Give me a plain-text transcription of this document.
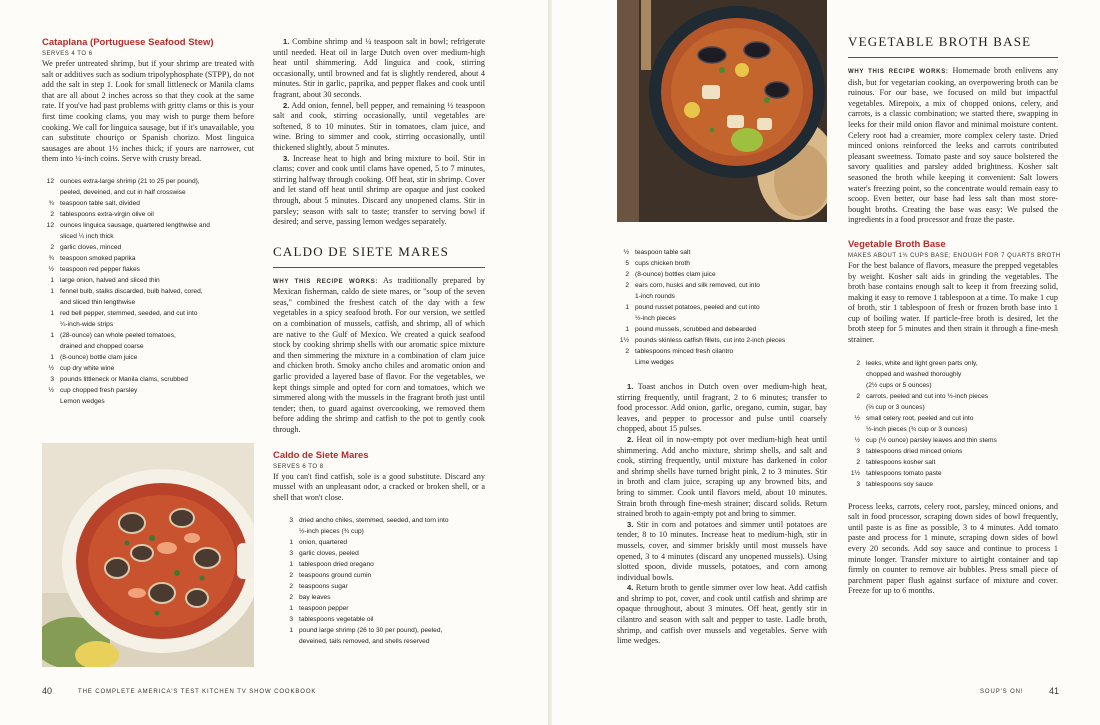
Cataplana (Portuguese Seafood Stew)
SERVES 4 TO 6

We prefer untreated shrimp, but if your shrimp are treated with salt or additives such as sodium tripolyphosphate (STPP), do not add the salt in step 1. Look for small littleneck or Manila clams that are all about 2 inches across so that they cook at the same rate. If you've had past problems with gritty clams or this is your first time cooking clams, you may wish to purge them before cooking. We call for linguica sausage, but if it's unavailable, you can substitute chouriço or Spanish chorizo. Most linguica sausages are about 1½ inches thick; if yours are narrower, cut them into ¼-inch coins. Serve with crusty bread.

12 ounces extra-large shrimp (21 to 25 per pound),
peeled, deveined, and cut in half crosswise
¾ teaspoon table salt, divided
2 tablespoons extra-virgin olive oil
12 ounces linguica sausage, quartered lengthwise and
sliced ¼ inch thick
2 garlic cloves, minced
¾ teaspoon smoked paprika
½ teaspoon red pepper flakes
1 large onion, halved and sliced thin
1 fennel bulb, stalks discarded, bulb halved, cored,
and sliced thin lengthwise
1 red bell pepper, stemmed, seeded, and cut into
¼-inch-wide strips
1 (28-ounce) can whole peeled tomatoes,
drained and chopped coarse
1 (8-ounce) bottle clam juice
½ cup dry white wine
3 pounds littleneck or Manila clams, scrubbed
½ cup chopped fresh parsley
Lemon wedges

1. Combine shrimp and ¼ teaspoon salt in bowl; refrigerate until needed. Heat oil in large Dutch oven over medium-high heat until shimmering. Add linguica and cook, stirring occasionally, until browned and fat is slightly rendered, about 4 minutes. Stir in garlic, paprika, and pepper flakes and cook until fragrant, about 30 seconds.

2. Add onion, fennel, bell pepper, and remaining ½ teaspoon salt and cook, stirring occasionally, until vegetables are softened, 8 to 10 minutes. Stir in tomatoes, clam juice, and wine. Bring to simmer and cook, stirring occasionally, until thickened slightly, about 5 minutes.

3. Increase heat to high and bring mixture to boil. Stir in clams; cover and cook until clams have opened, 5 to 7 minutes, stirring halfway through cooking. Off heat, stir in shrimp. Cover and let stand off heat until shrimp are opaque and just cooked through, about 5 minutes. Discard any unopened clams. Stir in parsley; season with salt to taste; transfer to serving bowl if desired; and serve, passing lemon wedges separately.

CALDO DE SIETE MARES

WHY THIS RECIPE WORKS: As traditionally prepared by Mexican fisherman, caldo de siete mares, or "soup of the seven seas," combined the freshest catch of the day with a few vegetables in a spicy seafood broth. For our version, we settled on a combination of mussels, catfish, and shrimp, all of which are native to the Gulf of Mexico. We created a quick seafood stock by cooking shrimp shells with our aromatic spice mixture and then simmering the mixture in a combination of clam juice and chicken broth. Smoky ancho chiles and aromatic onion and garlic provided a layered base of flavor. For the vegetables, we kept things simple and opted for corn and tomatoes, which we simmered along with the mussels in the fragrant broth just until tender; then, to guard against overcooking, we removed them before adding the shrimp and catfish to the pot to gently cook through.

Caldo de Siete Mares
SERVES 6 TO 8

If you can't find catfish, sole is a good substitute. Discard any mussel with an unpleasant odor, a cracked or broken shell, or a shell that won't close.

3 dried ancho chiles, stemmed, seeded, and torn into
½-inch pieces (¾ cup)
1 onion, quartered
3 garlic cloves, peeled
1 tablespoon dried oregano
2 teaspoons ground cumin
2 teaspoons sugar
2 bay leaves
1 teaspoon pepper
3 tablespoons vegetable oil
1 pound large shrimp (26 to 30 per pound), peeled,
deveined, tails removed, and shells reserved
40	THE COMPLETE AMERICA'S TEST KITCHEN TV SHOW COOKBOOK
½ teaspoon table salt
5 cups chicken broth
2 (8-ounce) bottles clam juice
2 ears corn, husks and silk removed, cut into
1-inch rounds
1 pound russet potatoes, peeled and cut into
½-inch pieces
1 pound mussels, scrubbed and debearded
1½ pounds skinless catfish fillets, cut into 2-inch pieces
2 tablespoons minced fresh cilantro
Lime wedges

1. Toast anchos in Dutch oven over medium-high heat, stirring frequently, until fragrant, 2 to 6 minutes; transfer to food processor. Add onion, garlic, oregano, cumin, sugar, bay leaves, and pepper to processor and pulse until coarsely chopped, about 15 pulses.

2. Heat oil in now-empty pot over medium-high heat until shimmering. Add ancho mixture, shrimp shells, and salt and cook, stirring frequently, until mixture has darkened in color and shrimp shells have turned bright pink, 2 to 3 minutes. Stir in broth and clam juice, scraping up any browned bits, and bring to simmer. Cook until flavors meld, about 10 minutes. Strain broth through fine-mesh strainer; discard solids. Return strained broth to again-empty pot and bring to simmer.

3. Stir in corn and potatoes and simmer until potatoes are tender, 8 to 10 minutes. Increase heat to medium-high, stir in mussels, cover, and simmer briskly until most mussels have opened, 3 to 4 minutes (discard any unopened mussels). Using slotted spoon, divide mussels, potatoes, and corn among individual bowls.

4. Return broth to gentle simmer over low heat. Add catfish and shrimp to pot, cover, and cook until catfish and shrimp are opaque throughout, about 3 minutes. Off heat, gently stir in cilantro and season with salt and pepper to taste. Ladle broth, shrimp, and catfish over mussels and vegetables. Serve with lime wedges.

VEGETABLE BROTH BASE

WHY THIS RECIPE WORKS: Homemade broth enlivens any dish, but for vegetarian cooking, an overpowering broth can be ruinous. For our base, we focused on mild but impactful vegetables. Mirepoix, a mix of chopped onions, celery, and carrots, is a classic combination; we started there, swapping in leeks for their mild onion flavor and minimal moisture content. Celery root had a creamier, more complex celery taste. Dried minced onions reinforced the leeks and carrots contributed pleasant sweetness. Tomato paste and soy sauce bolstered the savory qualities and parsley added brightness. Kosher salt seasoned the broth while keeping it convenient: Salt lowers water's freezing point, so the concentrate would remain easy to scoop. Even better, our base had less salt than most store-bought broths. Creating the base was easy: We pulsed the ingredients in a food processor and froze the paste.

Vegetable Broth Base
MAKES ABOUT 1¾ CUPS BASE; ENOUGH FOR 7 QUARTS BROTH

For the best balance of flavors, measure the prepped vegetables by weight. Kosher salt aids in grinding the vegetables. The broth base contains enough salt to keep it from freezing solid, making it easy to remove 1 tablespoon at a time. To make 1 cup of broth, stir 1 tablespoon of fresh or frozen broth base into 1 cup of boiling water. If particle-free broth is desired, let the broth steep for 5 minutes and then strain it through a fine-mesh strainer.

2 leeks, white and light green parts only,
chopped and washed thoroughly
(2½ cups or 5 ounces)
2 carrots, peeled and cut into ½-inch pieces
(⅔ cup or 3 ounces)
½ small celery root, peeled and cut into
½-inch pieces (¾ cup or 3 ounces)
½ cup (½ ounce) parsley leaves and thin stems
3 tablespoons dried minced onions
2 tablespoons kosher salt
1½ tablespoons tomato paste
3 tablespoons soy sauce

Process leeks, carrots, celery root, parsley, minced onions, and salt in food processor, scraping down sides of bowl frequently, until paste is as fine as possible, 3 to 4 minutes. Add tomato paste and process for 1 minute, scraping down sides of bowl every 20 seconds. Add soy sauce and continue to process 1 minute longer. Transfer mixture to airtight container and tap firmly on counter to remove air bubbles. Press small piece of parchment paper flush against surface of mixture and cover. Freeze for up to 6 months.

SOUP'S ON!	41
